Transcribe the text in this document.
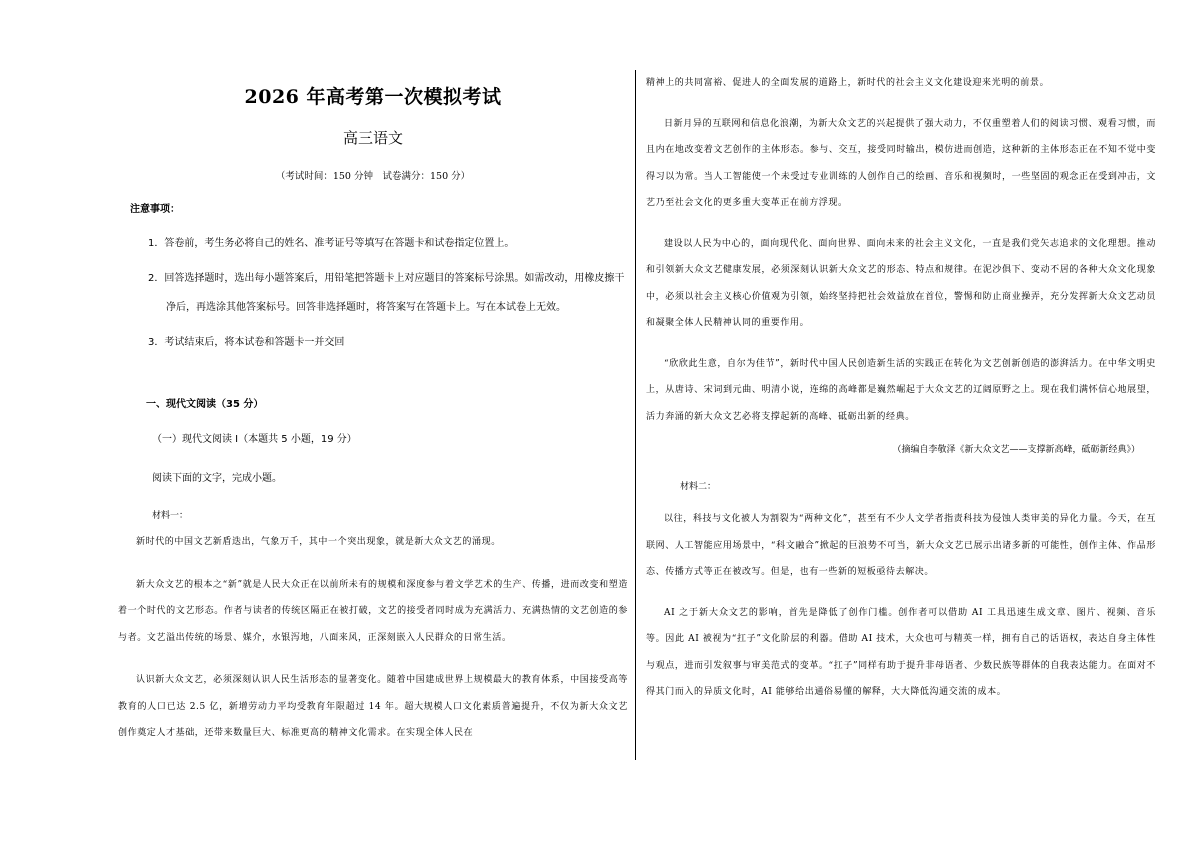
2026 年高考第一次模拟考试
高三语文
（考试时间：150 分钟　试卷满分：150 分）
注意事项：

1．答卷前，考生务必将自己的姓名、准考证号等填写在答题卡和试卷指定位置上。

2．回答选择题时，选出每小题答案后，用铅笔把答题卡上对应题目的答案标号涂黑。如需改动，用橡皮擦干净后，再选涂其他答案标号。回答非选择题时，将答案写在答题卡上。写在本试卷上无效。

3．考试结束后，将本试卷和答题卡一并交回

一、现代文阅读（35 分）
（一）现代文阅读 I（本题共 5 小题，19 分）
阅读下面的文字，完成小题。
材料一：
新时代的中国文艺新盾迭出，气象万千，其中一个突出现象，就是新大众文艺的涌现。
新大众文艺的根本之“新”就是人民大众正在以前所未有的规模和深度参与着文学艺术的生产、传播，进而改变和塑造着一个时代的文艺形态。作者与读者的传统区隔正在被打破，文艺的接受者同时成为充满活力、充满热情的文艺创造的参与者。文艺溢出传统的场景、媒介，水银泻地，八面来风，正深刻嵌入人民群众的日常生活。
认识新大众文艺，必须深刻认识人民生活形态的显著变化。随着中国建成世界上规模最大的教育体系，中国接受高等教育的人口已达 2.5 亿，新增劳动力平均受教育年限超过 14 年。超大规模人口文化素质普遍提升，不仅为新大众文艺创作奠定人才基础，还带来数量巨大、标准更高的精神文化需求。在实现全体人民在
精神上的共同富裕、促进人的全面发展的道路上，新时代的社会主义文化建设迎来光明的前景。
日新月异的互联网和信息化浪潮，为新大众文艺的兴起提供了强大动力，不仅重塑着人们的阅读习惯、观看习惯，而且内在地改变着文艺创作的主体形态。参与、交互，接受同时输出，模仿进而创造，这种新的主体形态正在不知不觉中变得习以为常。当人工智能使一个未受过专业训练的人创作自己的绘画、音乐和视频时，一些坚固的观念正在受到冲击，文艺乃至社会文化的更多重大变革正在前方浮现。
建设以人民为中心的，面向现代化、面向世界、面向未来的社会主义文化，一直是我们党矢志追求的文化理想。推动和引领新大众文艺健康发展，必须深刻认识新大众文艺的形态、特点和规律。在泥沙俱下、变动不居的各种大众文化现象中，必须以社会主义核心价值观为引领，始终坚持把社会效益放在首位，警惕和防止商业操弄，充分发挥新大众文艺动员和凝聚全体人民精神认同的重要作用。
“欣欣此生意，自尔为佳节”，新时代中国人民创造新生活的实践正在转化为文艺创新创造的澎湃活力。在中华文明史上，从唐诗、宋词到元曲、明清小说，连绵的高峰都是巍然崛起于大众文艺的辽阔原野之上。现在我们满怀信心地展望，活力奔涌的新大众文艺必将支撑起新的高峰、砥砺出新的经典。
（摘编自李敬泽《新大众文艺——支撑新高峰，砥砺新经典》）
材料二：
以往，科技与文化被人为割裂为“两种文化”，甚至有不少人文学者指责科技为侵蚀人类审美的异化力量。今天，在互联网、人工智能应用场景中，“科文融合”掀起的巨浪势不可当，新大众文艺已展示出诸多新的可能性，创作主体、作品形态、传播方式等正在被改写。但是，也有一些新的短板亟待去解决。
AI 之于新大众文艺的影响，首先是降低了创作门槛。创作者可以借助 AI 工具迅速生成文章、图片、视频、音乐等。因此 AI 被视为“扛子”文化阶层的利器。借助 AI 技术，大众也可与精英一样，拥有自己的话语权，表达自身主体性与观点，进而引发叙事与审美范式的变革。“扛子”同样有助于提升非母语者、少数民族等群体的自我表达能力。在面对不得其门而入的异质文化时，AI 能够给出通俗易懂的解释，大大降低沟通交流的成本。
